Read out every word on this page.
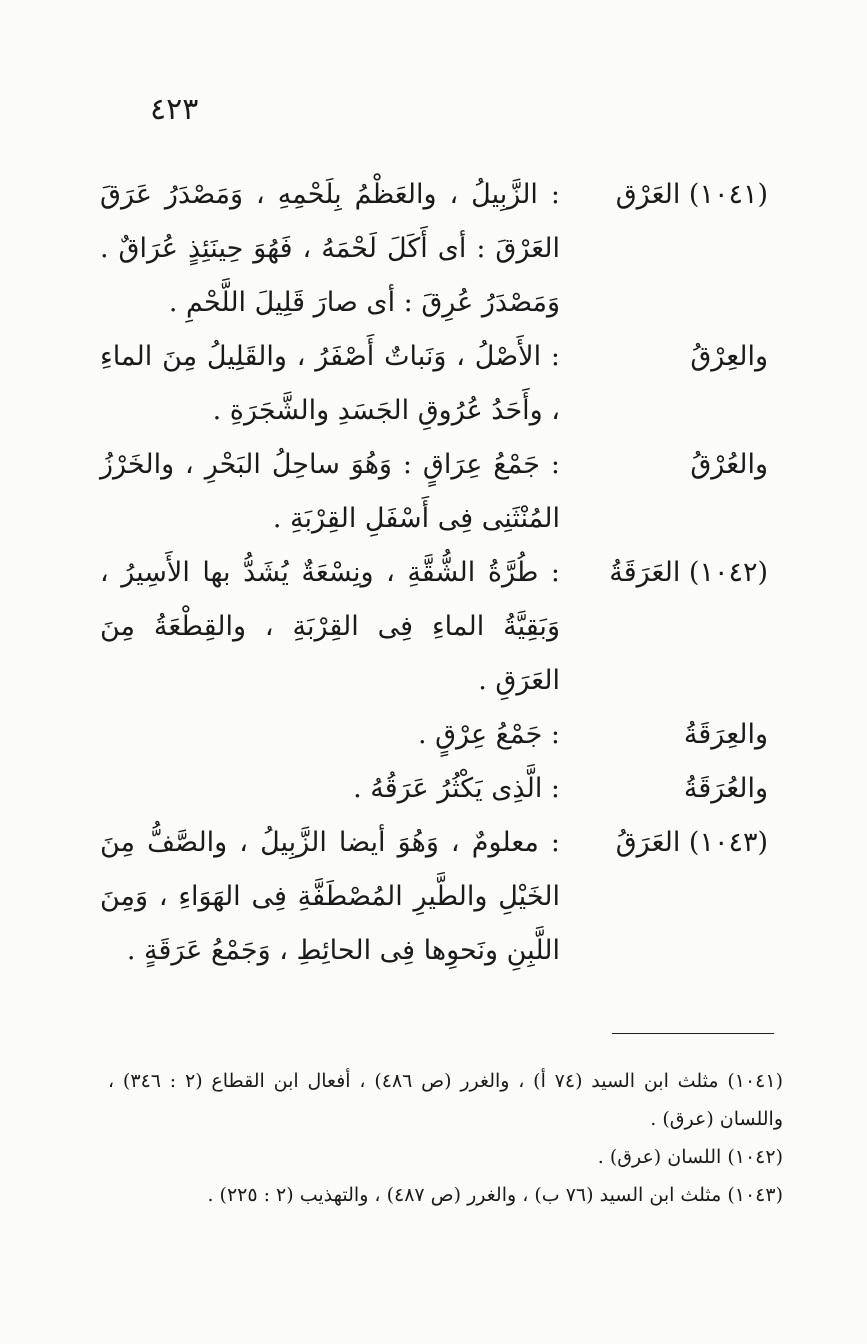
٤٢٣
(١٠٤١) العَرْق
: الزَّبِيلُ ، والعَظْمُ بِلَحْمِهِ ، وَمَصْدَرُ عَرَقَ العَرْقَ : أى أَكَلَ لَحْمَهُ ، فَهُوَ حِينَئِذٍ عُرَاقٌ . وَمَصْدَرُ عُرِقَ : أى صارَ قَلِيلَ اللَّحْمِ .
والعِرْقُ
: الأَصْلُ ، وَنَباتٌ أَصْفَرُ ، والقَلِيلُ مِنَ الماءِ ، وأَحَدُ عُرُوقِ الجَسَدِ والشَّجَرَةِ .
والعُرْقُ
: جَمْعُ عِرَاقٍ : وَهُوَ ساحِلُ البَحْرِ ، والخَرْزُ المُنْثَنِى فِى أَسْفَلِ القِرْبَةِ .
(١٠٤٢) العَرَقَةُ
: طُرَّةُ الشُّقَّةِ ، ونِسْعَةٌ يُشَدُّ بها الأَسِيرُ ، وَبَقِيَّةُ الماءِ فِى القِرْبَةِ ، والقِطْعَةُ مِنَ العَرَقِ .
والعِرَقَةُ
: جَمْعُ عِرْقٍ .
والعُرَقَةُ
: الَّذِى يَكْثُرُ عَرَقُهُ .
(١٠٤٣) العَرَقُ
: معلومٌ ، وَهُوَ أيضا الزَّبِيلُ ، والصَّفُّ مِنَ الخَيْلِ والطَّيرِ المُصْطَفَّةِ فِى الهَوَاءِ ، وَمِنَ اللَّبِنِ ونَحوِها فِى الحائِطِ ، وَجَمْعُ عَرَقَةٍ .
(١٠٤١) مثلث ابن السيد (٧٤ أ) ، والغرر (ص ٤٨٦) ، أفعال ابن القطاع (٢ : ٣٤٦) ، واللسان (عرق) .
(١٠٤٢) اللسان (عرق) .
(١٠٤٣) مثلث ابن السيد (٧٦ ب) ، والغرر (ص ٤٨٧) ، والتهذيب (٢ : ٢٢٥) .
